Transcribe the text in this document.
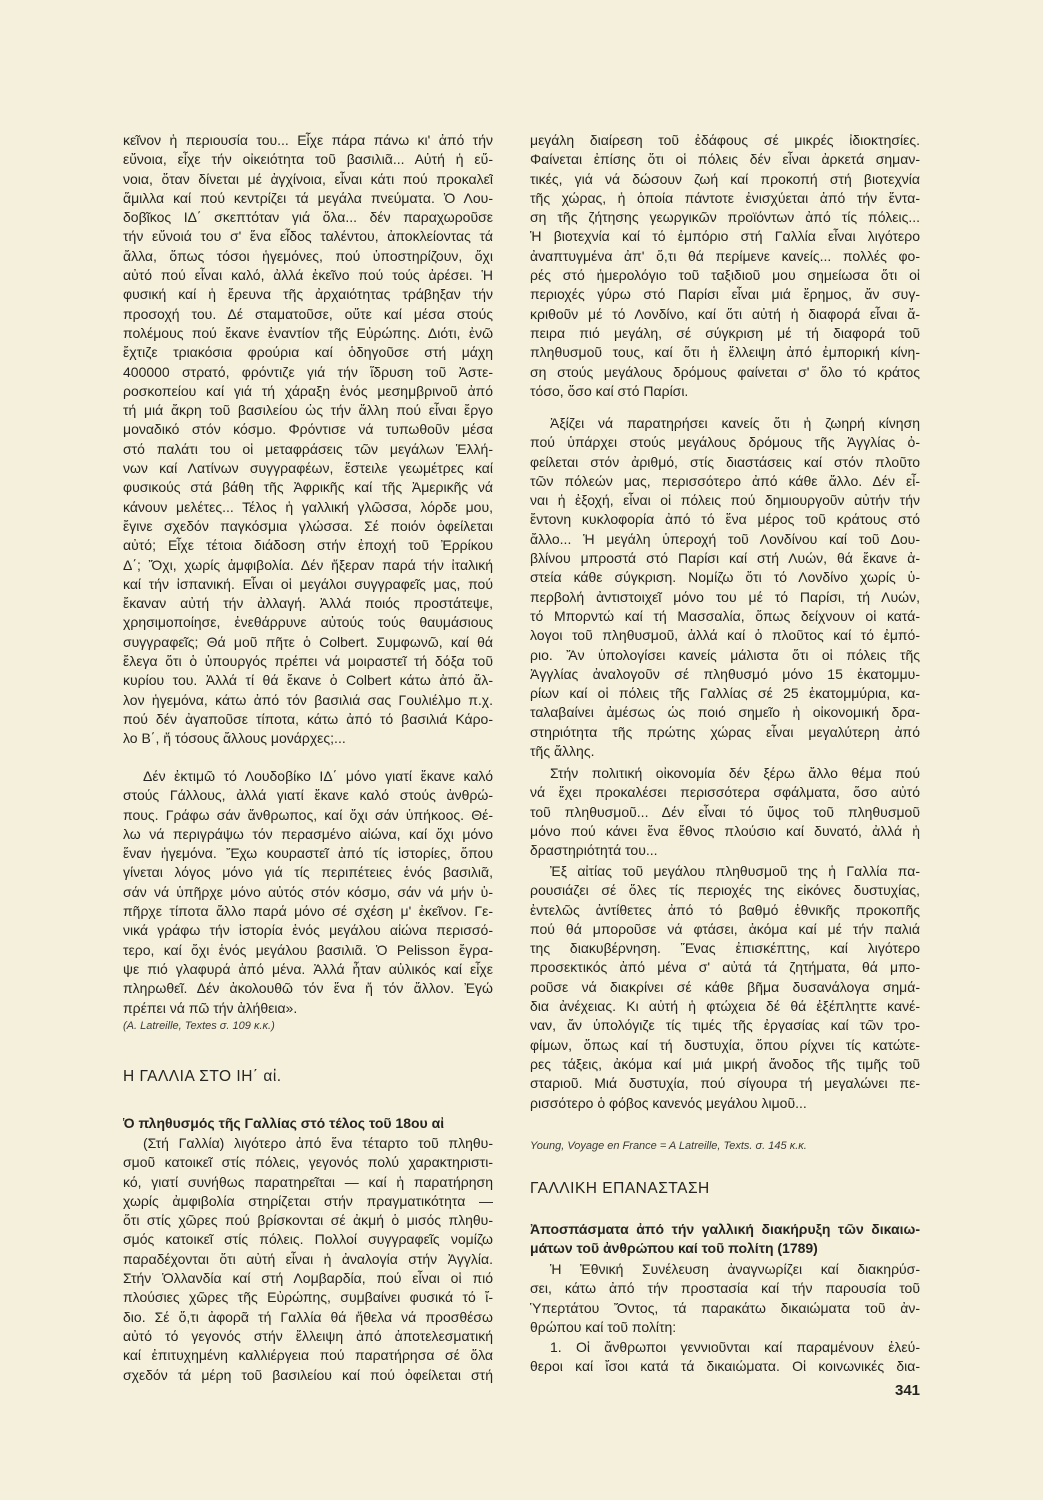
κεῖνον ἡ περιουσία του... Εἶχε πάρα πάνω κι' ἀπό τήν
εὔνοια, εἶχε τήν οἰκειότητα τοῦ βασιλιᾶ... Αὐτή ἡ εὔ-
νοια, ὅταν δίνεται μέ ἀγχίνοια, εἶναι κάτι πού προκαλεῖ
ἅμιλλα καί πού κεντρίζει τά μεγάλα πνεύματα. Ὁ Λου-
δοβῖκος ΙΔ΄ σκεπτόταν γιά ὅλα... δέν παραχωροῦσε
τήν εὔνοιά του σ' ἕνα εἶδος ταλέντου, ἀποκλείοντας τά
ἄλλα, ὅπως τόσοι ἡγεμόνες, πού ὑποστηρίζουν, ὄχι
αὐτό πού εἶναι καλό, ἀλλά ἐκεῖνο πού τούς ἀρέσει. Ἡ
φυσική καί ἡ ἔρευνα τῆς ἀρχαιότητας τράβηξαν τήν
προσοχή του. Δέ σταματοῦσε, οὔτε καί μέσα στούς
πολέμους πού ἔκανε ἐναντίον τῆς Εὐρώπης. Διότι, ἐνῶ
ἔχτιζε τριακόσια φρούρια καί ὁδηγοῦσε στή μάχη
400000 στρατό, φρόντιζε γιά τήν ἵδρυση τοῦ Ἀστε-
ροσκοπείου καί γιά τή χάραξη ἑνός μεσημβρινοῦ ἀπό
τή μιά ἄκρη τοῦ βασιλείου ὡς τήν ἄλλη πού εἶναι ἔργο
μοναδικό στόν κόσμο. Φρόντισε νά τυπωθοῦν μέσα
στό παλάτι του οἱ μεταφράσεις τῶν μεγάλων Ἑλλή-
νων καί Λατίνων συγγραφέων, ἔστειλε γεωμέτρες καί
φυσικούς στά βάθη τῆς Ἀφρικῆς καί τῆς Ἀμερικῆς νά
κάνουν μελέτες... Τέλος ἡ γαλλική γλῶσσα, λόρδε μου,
ἔγινε σχεδόν παγκόσμια γλώσσα. Σέ ποιόν ὀφείλεται
αὐτό; Εἶχε τέτοια διάδοση στήν ἐποχή τοῦ Ἐρρίκου
Δ΄; Ὄχι, χωρίς ἀμφιβολία. Δέν ἤξεραν παρά τήν ἰταλική
καί τήν ἰσπανική. Εἶναι οἱ μεγάλοι συγγραφεῖς μας, πού
ἔκαναν αὐτή τήν ἀλλαγή. Ἀλλά ποιός προστάτεψε,
χρησιμοποίησε, ἐνεθάρρυνε αὐτούς τούς θαυμάσιους
συγγραφεῖς; Θά μοῦ πῆτε ὁ Colbert. Συμφωνῶ, καί θά
ἔλεγα ὅτι ὁ ὑπουργός πρέπει νά μοιραστεῖ τή δόξα τοῦ
κυρίου του. Ἀλλά τί θά ἔκανε ὁ Colbert κάτω ἀπό ἄλ-
λον ἡγεμόνα, κάτω ἀπό τόν βασιλιά σας Γουλιέλμο π.χ.
πού δέν ἀγαποῦσε τίποτα, κάτω ἀπό τό βασιλιά Κάρο-
λο Β΄, ἤ τόσους ἄλλους μονάρχες;...
Δέν ἐκτιμῶ τό Λουδοβίκο ΙΔ΄ μόνο γιατί ἔκανε καλό
στούς Γάλλους, ἀλλά γιατί ἔκανε καλό στούς ἀνθρώ-
πους. Γράφω σάν ἄνθρωπος, καί ὄχι σάν ὑπήκοος. Θέ-
λω νά περιγράψω τόν περασμένο αἰώνα, καί ὄχι μόνο
ἕναν ἡγεμόνα. Ἔχω κουραστεῖ ἀπό τίς ἱστορίες, ὅπου
γίνεται λόγος μόνο γιά τίς περιπέτειες ἑνός βασιλιᾶ,
σάν νά ὑπῆρχε μόνο αὐτός στόν κόσμο, σάν νά μήν ὑ-
πῆρχε τίποτα ἄλλο παρά μόνο σέ σχέση μ' ἐκεῖνον. Γε-
νικά γράφω τήν ἱστορία ἑνός μεγάλου αἰώνα περισσό-
τερο, καί ὄχι ἑνός μεγάλου βασιλιᾶ. Ὁ Pelisson ἔγρα-
ψε πιό γλαφυρά ἀπό μένα. Ἀλλά ἦταν αὐλικός καί εἶχε
πληρωθεῖ. Δέν ἀκολουθῶ τόν ἕνα ἤ τόν ἄλλον. Ἐγώ
πρέπει νά πῶ τήν ἀλήθεια».
(A. Latreille, Textes σ. 109 κ.κ.)
Η ΓΑΛΛΙΑ ΣΤΟ ΙΗ΄ αἰ.
Ὁ πληθυσμός τῆς Γαλλίας στό τέλος τοῦ 18ου αἰ
(Στή Γαλλία) λιγότερο ἀπό ἕνα τέταρτο τοῦ πληθυ-
σμοῦ κατοικεῖ στίς πόλεις, γεγονός πολύ χαρακτηριστι-
κό, γιατί συνήθως παρατηρεῖται — καί ἡ παρατήρηση
χωρίς ἀμφιβολία στηρίζεται στήν πραγματικότητα —
ὅτι στίς χῶρες πού βρίσκονται σέ ἀκμή ὁ μισός πληθυ-
σμός κατοικεῖ στίς πόλεις. Πολλοί συγγραφεῖς νομίζω
παραδέχονται ὅτι αὐτή εἶναι ἡ ἀναλογία στήν Ἀγγλία.
Στήν Ὁλλανδία καί στή Λομβαρδία, πού εἶναι οἱ πιό
πλούσιες χῶρες τῆς Εὐρώπης, συμβαίνει φυσικά τό ἴ-
διο. Σέ ὅ,τι ἀφορᾶ τή Γαλλία θά ἤθελα νά προσθέσω
αὐτό τό γεγονός στήν ἔλλειψη ἀπό ἀποτελεσματική
καί ἐπιτυχημένη καλλιέργεια πού παρατήρησα σέ ὅλα
σχεδόν τά μέρη τοῦ βασιλείου καί πού ὀφείλεται στή
μεγάλη διαίρεση τοῦ ἐδάφους σέ μικρές ἰδιοκτησίες.
Φαίνεται ἐπίσης ὅτι οἱ πόλεις δέν εἶναι ἀρκετά σημαν-
τικές, γιά νά δώσουν ζωή καί προκοπή στή βιοτεχνία
τῆς χώρας, ἡ ὁποία πάντοτε ἐνισχύεται ἀπό τήν ἔντα-
ση τῆς ζήτησης γεωργικῶν προϊόντων ἀπό τίς πόλεις...
Ἡ βιοτεχνία καί τό ἐμπόριο στή Γαλλία εἶναι λιγότερο
ἀναπτυγμένα ἀπ' ὅ,τι θά περίμενε κανείς... πολλές φο-
ρές στό ἡμερολόγιο τοῦ ταξιδιοῦ μου σημείωσα ὅτι οἱ
περιοχές γύρω στό Παρίσι εἶναι μιά ἔρημος, ἄν συγ-
κριθοῦν μέ τό Λονδίνο, καί ὅτι αὐτή ἡ διαφορά εἶναι ἄ-
πειρα πιό μεγάλη, σέ σύγκριση μέ τή διαφορά τοῦ
πληθυσμοῦ τους, καί ὅτι ἡ ἔλλειψη ἀπό ἐμπορική κίνη-
ση στούς μεγάλους δρόμους φαίνεται σ' ὅλο τό κράτος
τόσο, ὅσο καί στό Παρίσι.
Ἀξίζει νά παρατηρήσει κανείς ὅτι ἡ ζωηρή κίνηση
πού ὑπάρχει στούς μεγάλους δρόμους τῆς Ἀγγλίας ὀ-
φείλεται στόν ἀριθμό, στίς διαστάσεις καί στόν πλοῦτο
τῶν πόλεών μας, περισσότερο ἀπό κάθε ἄλλο. Δέν εἶ-
ναι ἡ ἐξοχή, εἶναι οἱ πόλεις πού δημιουργοῦν αὐτήν τήν
ἔντονη κυκλοφορία ἀπό τό ἕνα μέρος τοῦ κράτους στό
ἄλλο... Ἡ μεγάλη ὑπεροχή τοῦ Λονδίνου καί τοῦ Δου-
βλίνου μπροστά στό Παρίσι καί στή Λυών, θά ἔκανε ἀ-
στεία κάθε σύγκριση. Νομίζω ὅτι τό Λονδίνο χωρίς ὑ-
περβολή ἀντιστοιχεῖ μόνο του μέ τό Παρίσι, τή Λυών,
τό Μπορντώ καί τή Μασσαλία, ὅπως δείχνουν οἱ κατά-
λογοι τοῦ πληθυσμοῦ, ἀλλά καί ὁ πλοῦτος καί τό ἐμπό-
ριο. Ἄν ὑπολογίσει κανείς μάλιστα ὅτι οἱ πόλεις τῆς
Ἀγγλίας ἀναλογοῦν σέ πληθυσμό μόνο 15 ἑκατομμυ-
ρίων καί οἱ πόλεις τῆς Γαλλίας σέ 25 ἑκατομμύρια, κα-
ταλαβαίνει ἀμέσως ὡς ποιό σημεῖο ἡ οἰκονομική δρα-
στηριότητα τῆς πρώτης χώρας εἶναι μεγαλύτερη ἀπό
τῆς ἄλλης.
Στήν πολιτική οἰκονομία δέν ξέρω ἄλλο θέμα πού
νά ἔχει προκαλέσει περισσότερα σφάλματα, ὅσο αὐτό
τοῦ πληθυσμοῦ... Δέν εἶναι τό ὕψος τοῦ πληθυσμοῦ
μόνο πού κάνει ἕνα ἔθνος πλούσιο καί δυνατό, ἀλλά ἡ
δραστηριότητά του...
Ἐξ αἰτίας τοῦ μεγάλου πληθυσμοῦ της ἡ Γαλλία πα-
ρουσιάζει σέ ὅλες τίς περιοχές της εἰκόνες δυστυχίας,
ἐντελῶς ἀντίθετες ἀπό τό βαθμό ἐθνικῆς προκοπῆς
πού θά μποροῦσε νά φτάσει, ἀκόμα καί μέ τήν παλιά
της διακυβέρνηση. Ἕνας ἐπισκέπτης, καί λιγότερο
προσεκτικός ἀπό μένα σ' αὐτά τά ζητήματα, θά μπο-
ροῦσε νά διακρίνει σέ κάθε βῆμα δυσανάλογα σημά-
δια ἀνέχειας. Κι αὐτή ἡ φτώχεια δέ θά ἐξέπληττε κανέ-
ναν, ἄν ὑπολόγιζε τίς τιμές τῆς ἐργασίας καί τῶν τρο-
φίμων, ὅπως καί τή δυστυχία, ὅπου ρίχνει τίς κατώτε-
ρες τάξεις, ἀκόμα καί μιά μικρή ἄνοδος τῆς τιμῆς τοῦ
σταριοῦ. Μιά δυστυχία, πού σίγουρα τή μεγαλώνει πε-
ρισσότερο ὁ φόβος κανενός μεγάλου λιμοῦ...
Young, Voyage en France = A Latreille, Texts. σ. 145 κ.κ.
ΓΑΛΛΙΚΗ ΕΠΑΝΑΣΤΑΣΗ
Ἀποσπάσματα ἀπό τήν γαλλική διακήρυξη τῶν δικαιω-
μάτων τοῦ ἀνθρώπου καί τοῦ πολίτη (1789)
Ἡ Ἐθνική Συνέλευση ἀναγνωρίζει καί διακηρύσ-
σει, κάτω ἀπό τήν προστασία καί τήν παρουσία τοῦ
Ὑπερτάτου Ὄντος, τά παρακάτω δικαιώματα τοῦ ἀν-
θρώπου καί τοῦ πολίτη:
1. Οἱ ἄνθρωποι γεννιοῦνται καί παραμένουν ἐλεύ-
θεροι καί ἴσοι κατά τά δικαιώματα. Οἱ κοινωνικές δια-
341
